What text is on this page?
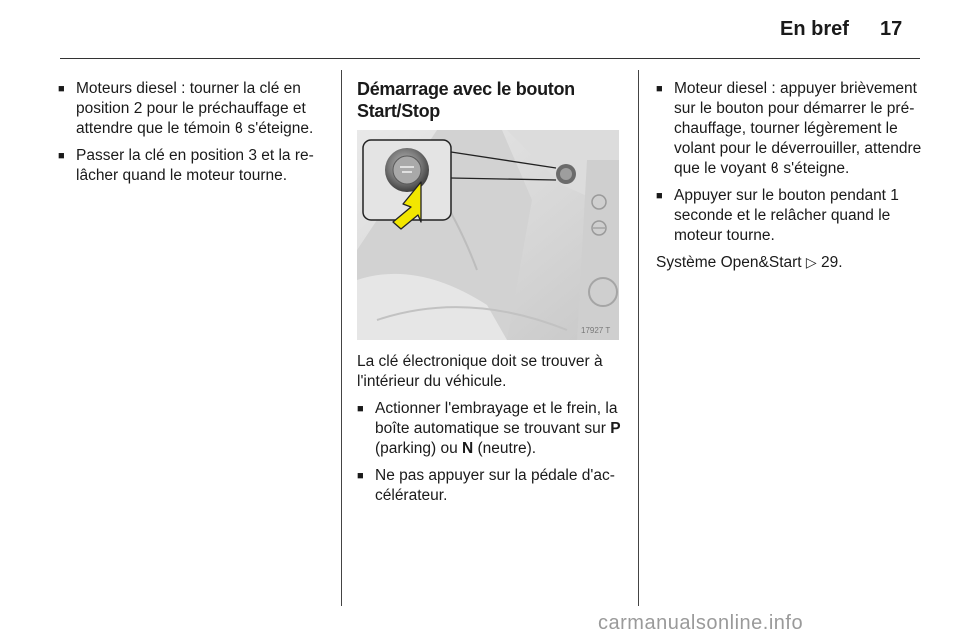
En bref 17
■ Moteurs diesel : tourner la clé en position 2 pour le préchauffage et attendre que le témoin ϐ s'éteigne.
■ Passer la clé en position 3 et la relâcher quand le moteur tourne.
Démarrage avec le bouton Start/Stop
17927 T

La clé électronique doit se trouver à l'intérieur du véhicule.

■ Actionner l'embrayage et le frein, la boîte automatique se trouvant sur P (parking) ou N (neutre).
■ Ne pas appuyer sur la pédale d'accélérateur.
■ Moteur diesel : appuyer brièvement sur le bouton pour démarrer le préchauffage, tourner légèrement le volant pour le déverrouiller, attendre que le voyant ϐ s'éteigne.
■ Appuyer sur le bouton pendant 1 seconde et le relâcher quand le moteur tourne.

Système Open&Start ▷ 29.

carmanualsonline.info
